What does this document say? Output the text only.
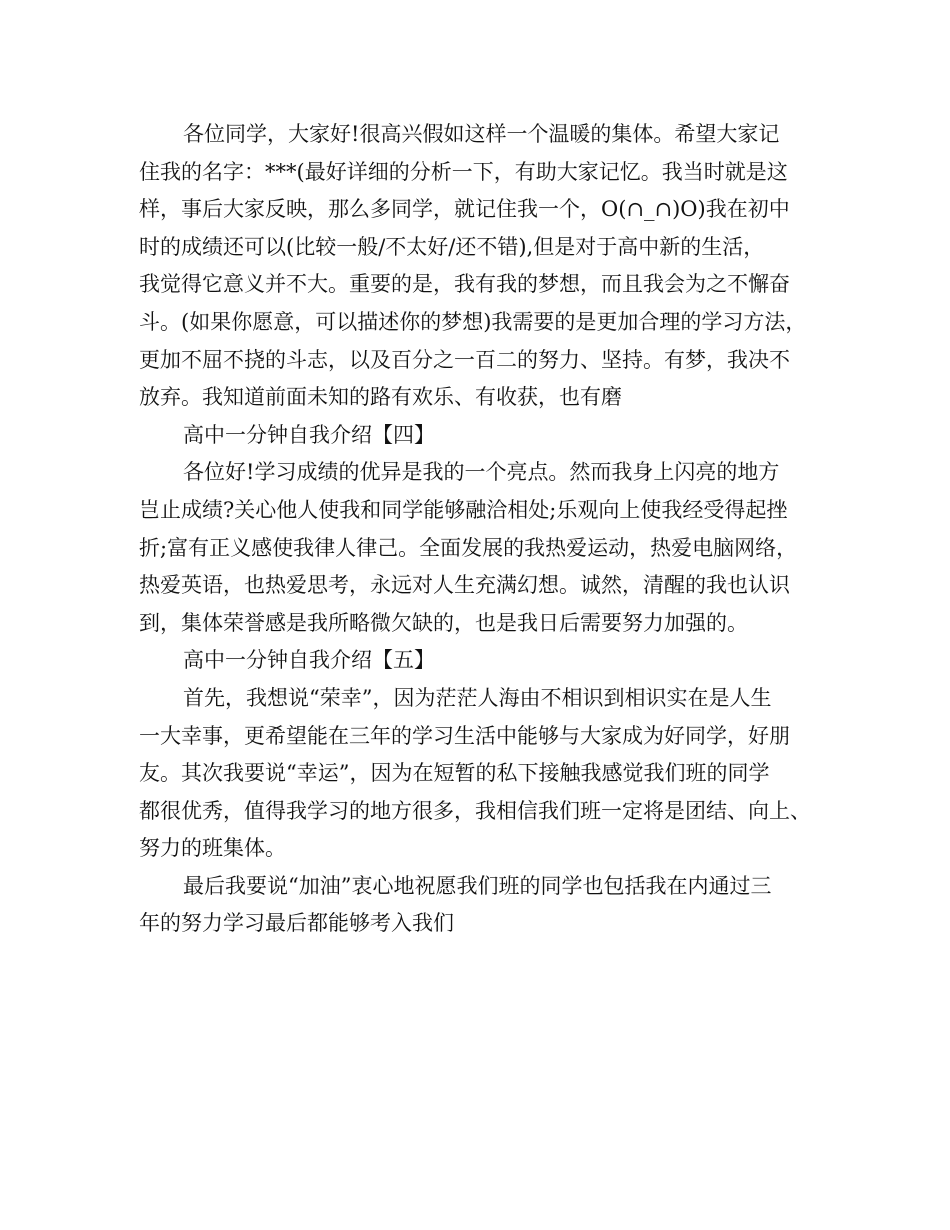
各位同学，大家好!很高兴假如这样一个温暖的集体。希望大家记
住我的名字：***(最好详细的分析一下，有助大家记忆。我当时就是这
样，事后大家反映，那么多同学，就记住我一个，O(∩_∩)O)我在初中
时的成绩还可以(比较一般/不太好/还不错),但是对于高中新的生活，
我觉得它意义并不大。重要的是，我有我的梦想，而且我会为之不懈奋
斗。(如果你愿意，可以描述你的梦想)我需要的是更加合理的学习方法，
更加不屈不挠的斗志，以及百分之一百二的努力、坚持。有梦，我决不
放弃。我知道前面未知的路有欢乐、有收获，也有磨
高中一分钟自我介绍【四】
各位好!学习成绩的优异是我的一个亮点。然而我身上闪亮的地方
岂止成绩?关心他人使我和同学能够融洽相处;乐观向上使我经受得起挫
折;富有正义感使我律人律己。全面发展的我热爱运动，热爱电脑网络，
热爱英语，也热爱思考，永远对人生充满幻想。诚然，清醒的我也认识
到，集体荣誉感是我所略微欠缺的，也是我日后需要努力加强的。
高中一分钟自我介绍【五】
首先，我想说“荣幸”，因为茫茫人海由不相识到相识实在是人生
一大幸事，更希望能在三年的学习生活中能够与大家成为好同学，好朋
友。其次我要说“幸运”，因为在短暂的私下接触我感觉我们班的同学
都很优秀，值得我学习的地方很多，我相信我们班一定将是团结、向上、
努力的班集体。
最后我要说“加油”衷心地祝愿我们班的同学也包括我在内通过三
年的努力学习最后都能够考入我们
